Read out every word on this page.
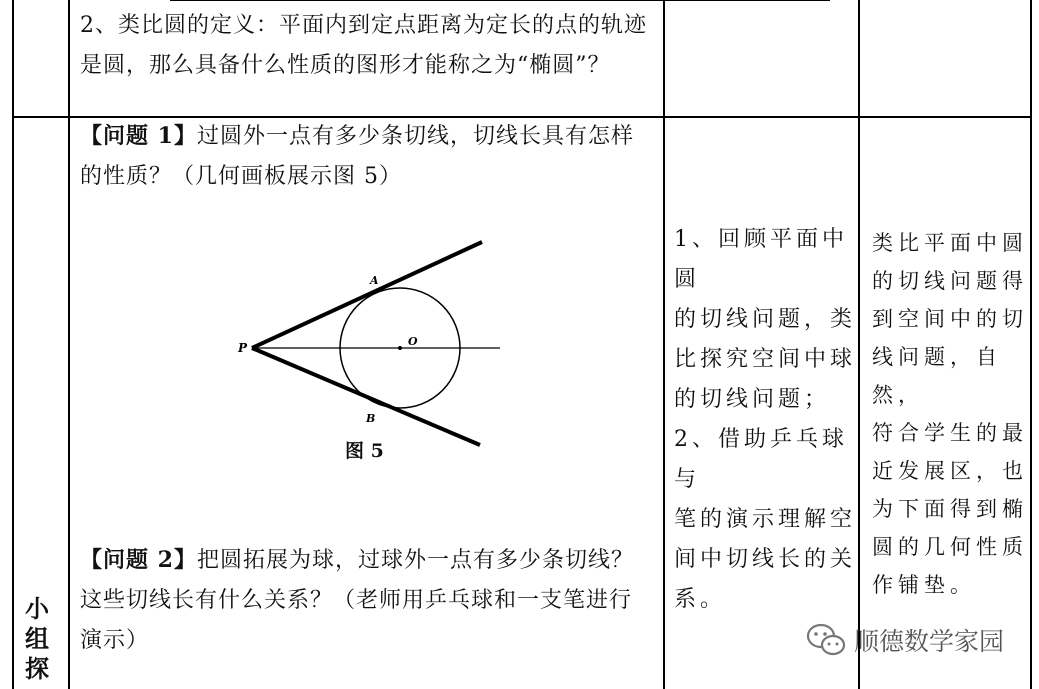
2、类比圆的定义：平面内到定点距离为定长的点的轨迹

是圆，那么具备什么性质的图形才能称之为“椭圆”？

【问题 1】过圆外一点有多少条切线，切线长具有怎样

的性质？（几何画板展示图 5）

P
A
B
O
图 5

【问题 2】把圆拓展为球，过球外一点有多少条切线？

这些切线长有什么关系？（老师用乒乓球和一支笔进行

演示）

1、回顾平面中圆
的切线问题，类
比探究空间中球
的切线问题；
2、借助乒乓球与
笔的演示理解空
间中切线长的关
系。
类比平面中圆
的切线问题得
到空间中的切
线问题，自然，
符合学生的最
近发展区，也
为下面得到椭
圆的几何性质
作铺垫。
小
组
探
顺德数学家园
